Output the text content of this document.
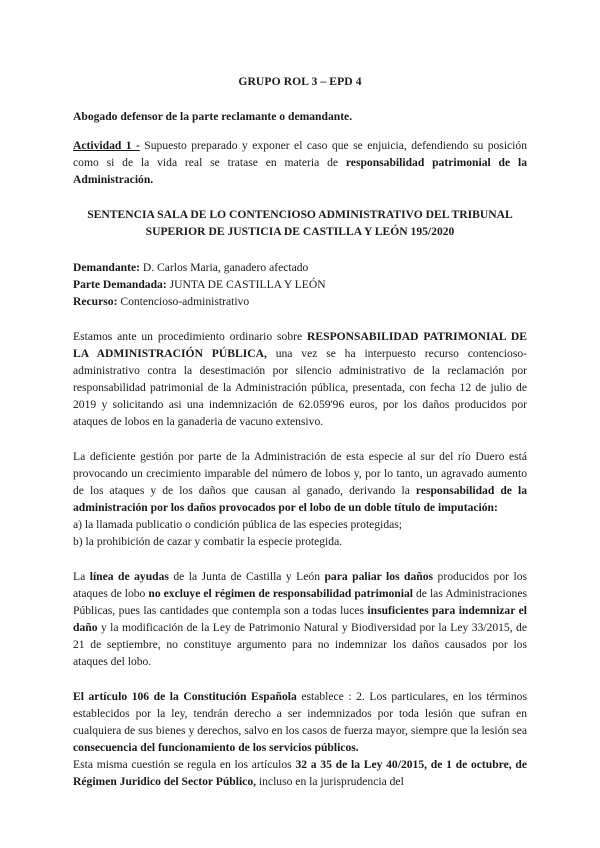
GRUPO ROL 3 – EPD 4

Abogado defensor de la parte reclamante o demandante.

Actividad 1 - Supuesto preparado y exponer el caso que se enjuicia, defendiendo su posición como si de la vida real se tratase en materia de responsabilidad patrimonial de la Administración.

SENTENCIA SALA DE LO CONTENCIOSO ADMINISTRATIVO DEL TRIBUNAL
SUPERIOR DE JUSTICIA DE CASTILLA Y LEÓN 195/2020

Demandante: D. Carlos Maria, ganadero afectado

Parte Demandada: JUNTA DE CASTILLA Y LEÓN

Recurso: Contencioso-administrativo

Estamos ante un procedimiento ordinario sobre RESPONSABILIDAD PATRIMONIAL DE LA ADMINISTRACIÓN PÚBLICA, una vez se ha interpuesto recurso contencioso-administrativo contra la desestimación por silencio administrativo de la reclamación por responsabilidad patrimonial de la Administración pública, presentada, con fecha 12 de julio de 2019 y solicitando asi una indemnización de 62.059'96 euros, por los daños producidos por ataques de lobos en la ganaderia de vacuno extensivo.

La deficiente gestión por parte de la Administración de esta especie al sur del río Duero está provocando un crecimiento imparable del número de lobos y, por lo tanto, un agravado aumento de los ataques y de los daños que causan al ganado, derivando la responsabilidad de la administración por los daños provocados por el lobo de un doble título de imputación:

a) la llamada publicatio o condición pública de las especies protegidas;

b) la prohibición de cazar y combatir la especie protegida.

La línea de ayudas de la Junta de Castilla y León para paliar los daños producidos por los ataques de lobo no excluye el régimen de responsabilidad patrimonial de las Administraciones Públicas, pues las cantidades que contempla son a todas luces insuficientes para indemnizar el daño y la modificación de la Ley de Patrimonio Natural y Biodiversidad por la Ley 33/2015, de 21 de septiembre, no constituye argumento para no indemnizar los daños causados por los ataques del lobo.

El artículo 106 de la Constitución Española establece : 2. Los particulares, en los términos establecidos por la ley, tendrán derecho a ser indemnizados por toda lesión que sufran en cualquiera de sus bienes y derechos, salvo en los casos de fuerza mayor, siempre que la lesión sea consecuencia del funcionamiento de los servicios públicos.

Esta misma cuestión se regula en los artículos 32 a 35 de la Ley 40/2015, de 1 de octubre, de Régimen Juridico del Sector Público, incluso en la jurisprudencia del
